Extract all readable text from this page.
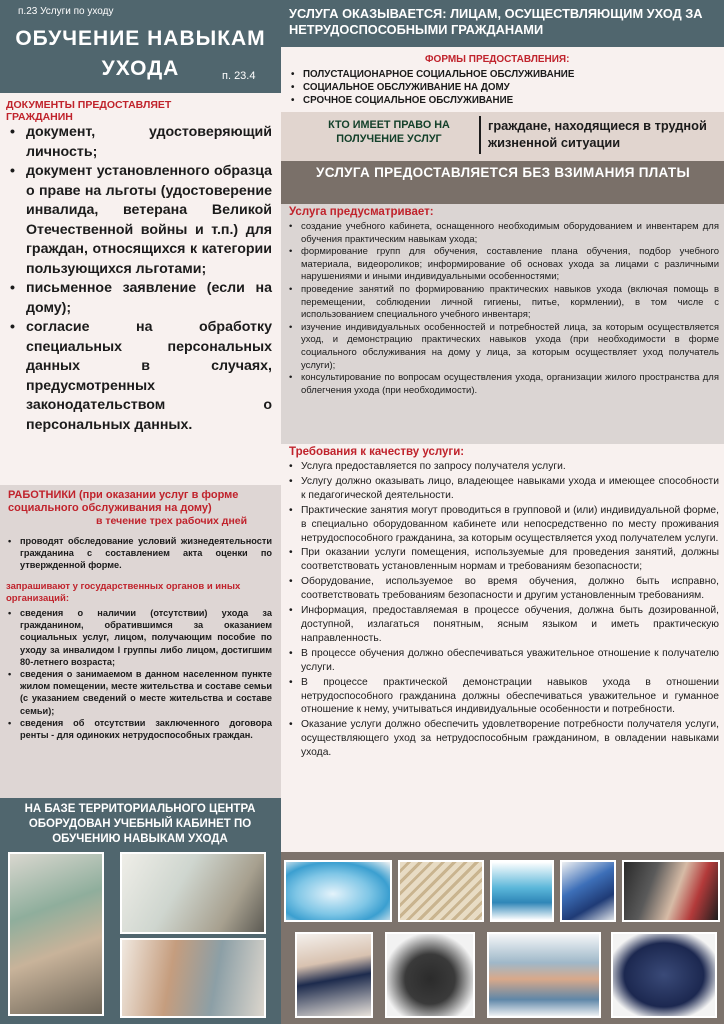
п.23 Услуги по уходу
ОБУЧЕНИЕ НАВЫКАМ
УХОДА	п. 23.4
ДОКУМЕНТЫ ПРЕДОСТАВЛЯЕТ ГРАЖДАНИН
• документ, удостоверяющий личность;
• документ установленного образца о праве на льготы (удостоверение инвалида, ветерана Великой Отечественной войны и т.п.) для граждан, относящихся к категории пользующихся льготами;
• письменное заявление (если на дому);
• согласие на обработку специальных персональных данных в случаях, предусмотренных законодательством о персональных данных.
РАБОТНИКИ (при оказании услуг в форме социального обслуживания на дому)
в течение трех рабочих дней
• проводят обследование условий жизнедеятельности гражданина с составлением акта оценки по утвержденной форме.
запрашивают у государственных органов и иных организаций:
• сведения о наличии (отсутствии) ухода за гражданином, обратившимся за оказанием социальных услуг, лицом, получающим пособие по уходу за инвалидом I группы либо лицом, достигшим 80-летнего возраста;
• сведения о занимаемом в данном населенном пункте жилом помещении, месте жительства и составе семьи (с указанием сведений о месте жительства и составе семьи);
• сведения об отсутствии заключенного договора ренты - для одиноких нетрудоспособных граждан.
НА БАЗЕ ТЕРРИТОРИАЛЬНОГО ЦЕНТРА ОБОРУДОВАН УЧЕБНЫЙ КАБИНЕТ ПО ОБУЧЕНИЮ НАВЫКАМ УХОДА
УСЛУГА ОКАЗЫВАЕТСЯ: ЛИЦАМ, ОСУЩЕСТВЛЯЮЩИМ УХОД ЗА НЕТРУДОСПОСОБНЫМИ ГРАЖДАНАМИ
ФОРМЫ ПРЕДОСТАВЛЕНИЯ:
• ПОЛУСТАЦИОНАРНОЕ СОЦИАЛЬНОЕ ОБСЛУЖИВАНИЕ
• СОЦИАЛЬНОЕ ОБСЛУЖИВАНИЕ НА ДОМУ
• СРОЧНОЕ СОЦИАЛЬНОЕ ОБСЛУЖИВАНИЕ
КТО ИМЕЕТ ПРАВО НА ПОЛУЧЕНИЕ УСЛУГ
граждане, находящиеся в трудной жизненной ситуации
УСЛУГА ПРЕДОСТАВЛЯЕТСЯ БЕЗ ВЗИМАНИЯ ПЛАТЫ
Услуга предусматривает:
• создание учебного кабинета, оснащенного необходимым оборудованием и инвентарем для обучения практическим навыкам ухода;
• формирование групп для обучения, составление плана обучения, подбор учебного материала, видеороликов; информирование об основах ухода за лицами с различными нарушениями и иными индивидуальными особенностями;
• проведение занятий по формированию практических навыков ухода (включая помощь в перемещении, соблюдении личной гигиены, питье, кормлении), в том числе с использованием специального учебного инвентаря;
• изучение индивидуальных особенностей и потребностей лица, за которым осуществляется уход, и демонстрацию практических навыков ухода (при необходимости в форме социального обслуживания на дому у лица, за которым осуществляет уход получатель услуги);
• консультирование по вопросам осуществления ухода, организации жилого пространства для облегчения ухода (при необходимости).
Требования к качеству услуги:
• Услуга предоставляется по запросу получателя услуги.
• Услугу должно оказывать лицо, владеющее навыками ухода и имеющее способности к педагогической деятельности.
• Практические занятия могут проводиться в групповой и (или) индивидуальной форме, в специально оборудованном кабинете или непосредственно по месту проживания нетрудоспособного гражданина, за которым осуществляется уход получателем услуги.
• При оказании услуги помещения, используемые для проведения занятий, должны соответствовать установленным нормам и требованиям безопасности;
• Оборудование, используемое во время обучения, должно быть исправно, соответствовать требованиям безопасности и другим установленным требованиям.
• Информация, предоставляемая в процессе обучения, должна быть дозированной, доступной, излагаться понятным, ясным языком и иметь практическую направленность.
• В процессе обучения должно обеспечиваться уважительное отношение к получателю услуги.
• В процессе практической демонстрации навыков ухода в отношении нетрудоспособного гражданина должны обеспечиваться уважительное и гуманное отношение к нему, учитываться индивидуальные особенности и потребности.
• Оказание услуги должно обеспечить удовлетворение потребности получателя услуги, осуществляющего уход за нетрудоспособным гражданином, в овладении навыками ухода.
